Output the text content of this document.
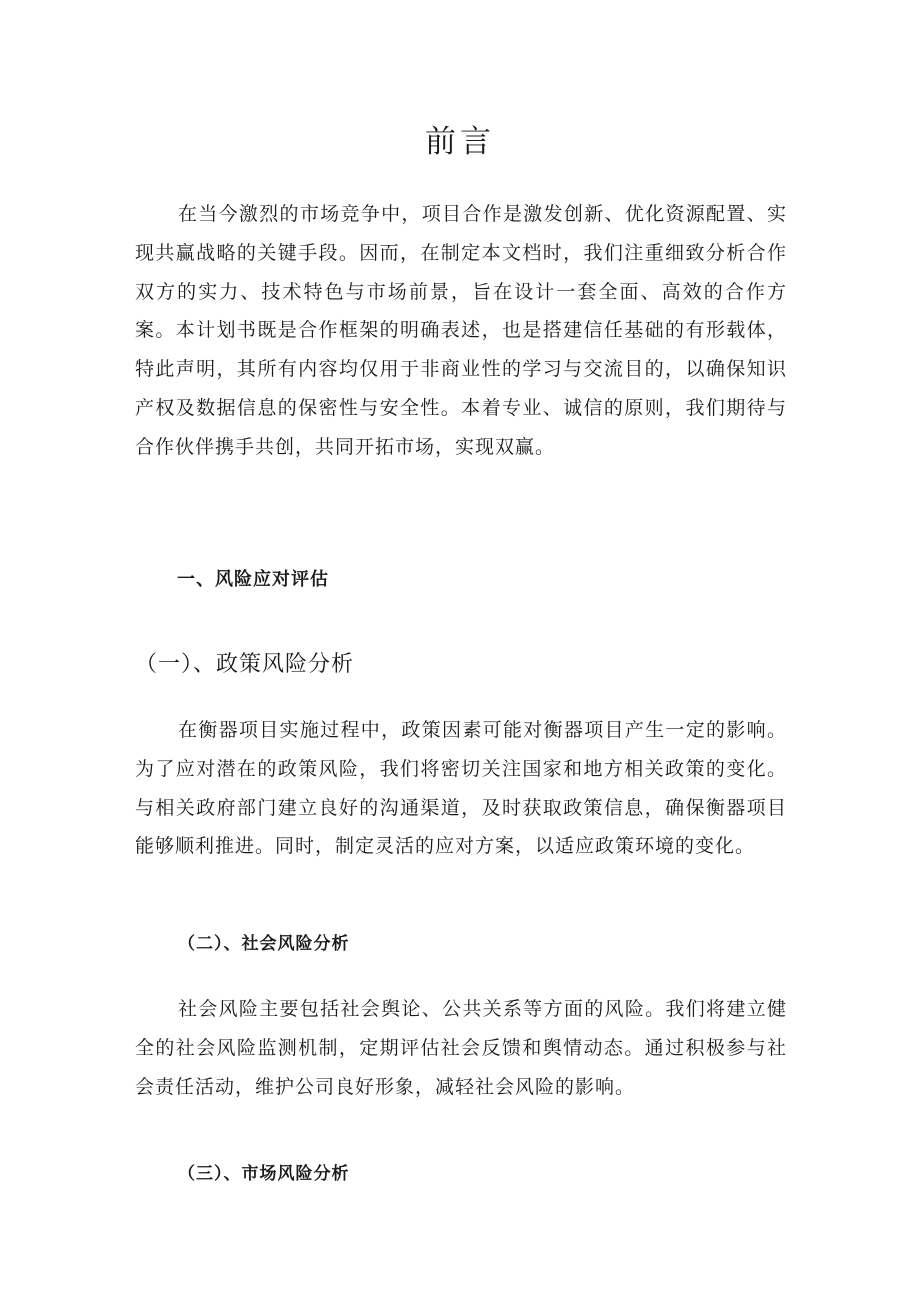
前言

在当今激烈的市场竞争中，项目合作是激发创新、优化资源配置、实现共赢战略的关键手段。因而，在制定本文档时，我们注重细致分析合作双方的实力、技术特色与市场前景，旨在设计一套全面、高效的合作方案。本计划书既是合作框架的明确表述，也是搭建信任基础的有形载体，特此声明，其所有内容均仅用于非商业性的学习与交流目的，以确保知识产权及数据信息的保密性与安全性。本着专业、诚信的原则，我们期待与合作伙伴携手共创，共同开拓市场，实现双赢。

一、风险应对评估
（一）、政策风险分析

在衡器项目实施过程中，政策因素可能对衡器项目产生一定的影响。为了应对潜在的政策风险，我们将密切关注国家和地方相关政策的变化。与相关政府部门建立良好的沟通渠道，及时获取政策信息，确保衡器项目能够顺利推进。同时，制定灵活的应对方案，以适应政策环境的变化。

（二）、社会风险分析

社会风险主要包括社会舆论、公共关系等方面的风险。我们将建立健全的社会风险监测机制，定期评估社会反馈和舆情动态。通过积极参与社会责任活动，维护公司良好形象，减轻社会风险的影响。

（三）、市场风险分析
